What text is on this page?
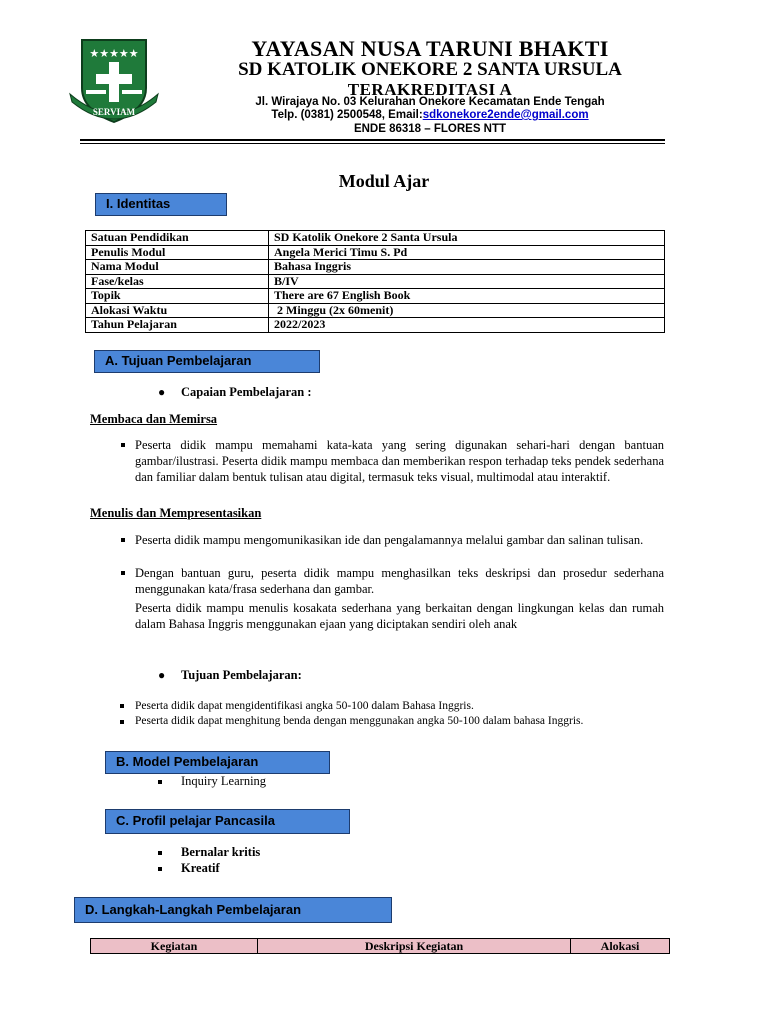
★★★★★
SERVIAM
YAYASAN NUSA TARUNI BHAKTI
SD KATOLIK ONEKORE 2 SANTA URSULA
TERAKREDITASI A
Jl. Wirajaya No. 03 Kelurahan Onekore Kecamatan Ende Tengah
Telp. (0381) 2500548, Email:sdkonekore2ende@gmail.com
ENDE 86318 – FLORES NTT
Modul Ajar
I. Identitas
Satuan Pendidikan	SD Katolik Onekore 2 Santa Ursula
Penulis Modul	Angela Merici Timu S. Pd
Nama Modul	Bahasa Inggris
Fase/kelas	B/IV
Topik	There are 67 English Book
Alokasi Waktu	2 Minggu (2x 60menit)
Tahun Pelajaran	2022/2023
A. Tujuan Pembelajaran
● Capaian Pembelajaran :
Membaca dan Memirsa
Peserta didik mampu memahami kata-kata yang sering digunakan sehari-hari dengan bantuan gambar/ilustrasi. Peserta didik mampu membaca dan memberikan respon terhadap teks pendek sederhana dan familiar dalam bentuk tulisan atau digital, termasuk teks visual, multimodal atau interaktif.
Menulis dan Mempresentasikan
Peserta didik mampu mengomunikasikan ide dan pengalamannya melalui gambar dan salinan tulisan.
Dengan bantuan guru, peserta didik mampu menghasilkan teks deskripsi dan prosedur sederhana menggunakan kata/frasa sederhana dan gambar.
Peserta didik mampu menulis kosakata sederhana yang berkaitan dengan lingkungan kelas dan rumah dalam Bahasa Inggris menggunakan ejaan yang diciptakan sendiri oleh anak
● Tujuan Pembelajaran:
Peserta didik dapat mengidentifikasi angka 50-100 dalam Bahasa Inggris.
Peserta didik dapat menghitung benda dengan menggunakan angka 50-100 dalam bahasa Inggris.
B. Model Pembelajaran
Inquiry Learning
C. Profil pelajar Pancasila
Bernalar kritis
Kreatif
D. Langkah-Langkah Pembelajaran
Kegiatan	Deskripsi Kegiatan	Alokasi
